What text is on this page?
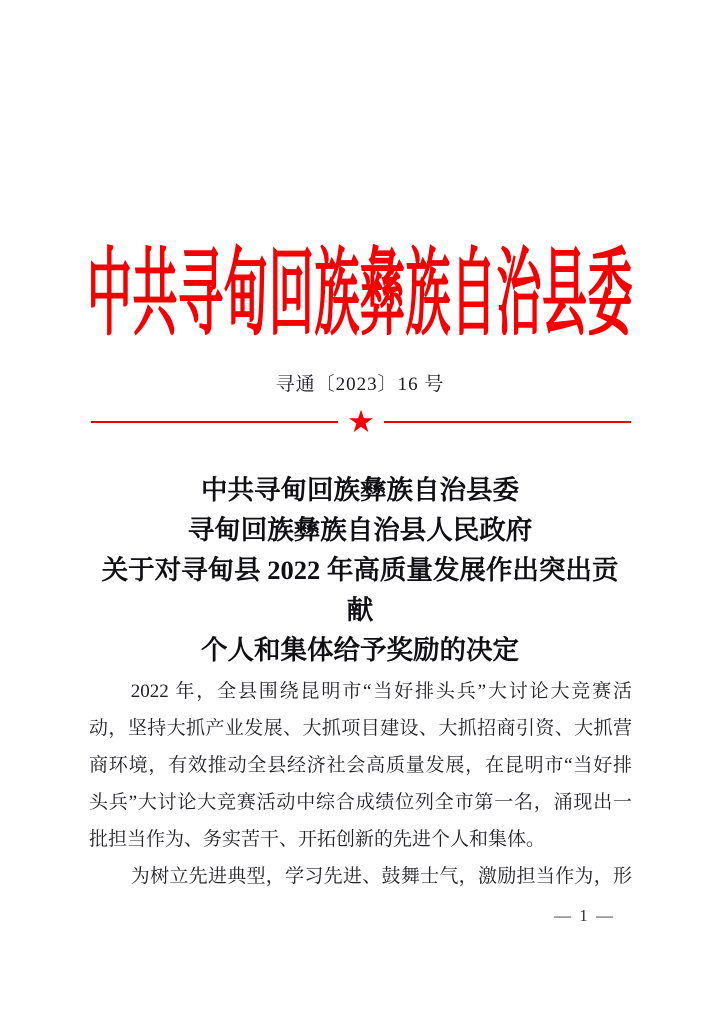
中共寻甸回族彝族自治县委
寻通〔2023〕16 号
★
中共寻甸回族彝族自治县委
寻甸回族彝族自治县人民政府
关于对寻甸县 2022 年高质量发展作出突出贡献
个人和集体给予奖励的决定
2022 年，全县围绕昆明市“当好排头兵”大讨论大竞赛活
动，坚持大抓产业发展、大抓项目建设、大抓招商引资、大抓营
商环境，有效推动全县经济社会高质量发展，在昆明市“当好排
头兵”大讨论大竞赛活动中综合成绩位列全市第一名，涌现出一
批担当作为、务实苦干、开拓创新的先进个人和集体。
为树立先进典型，学习先进、鼓舞士气，激励担当作为，形
— 1 —
